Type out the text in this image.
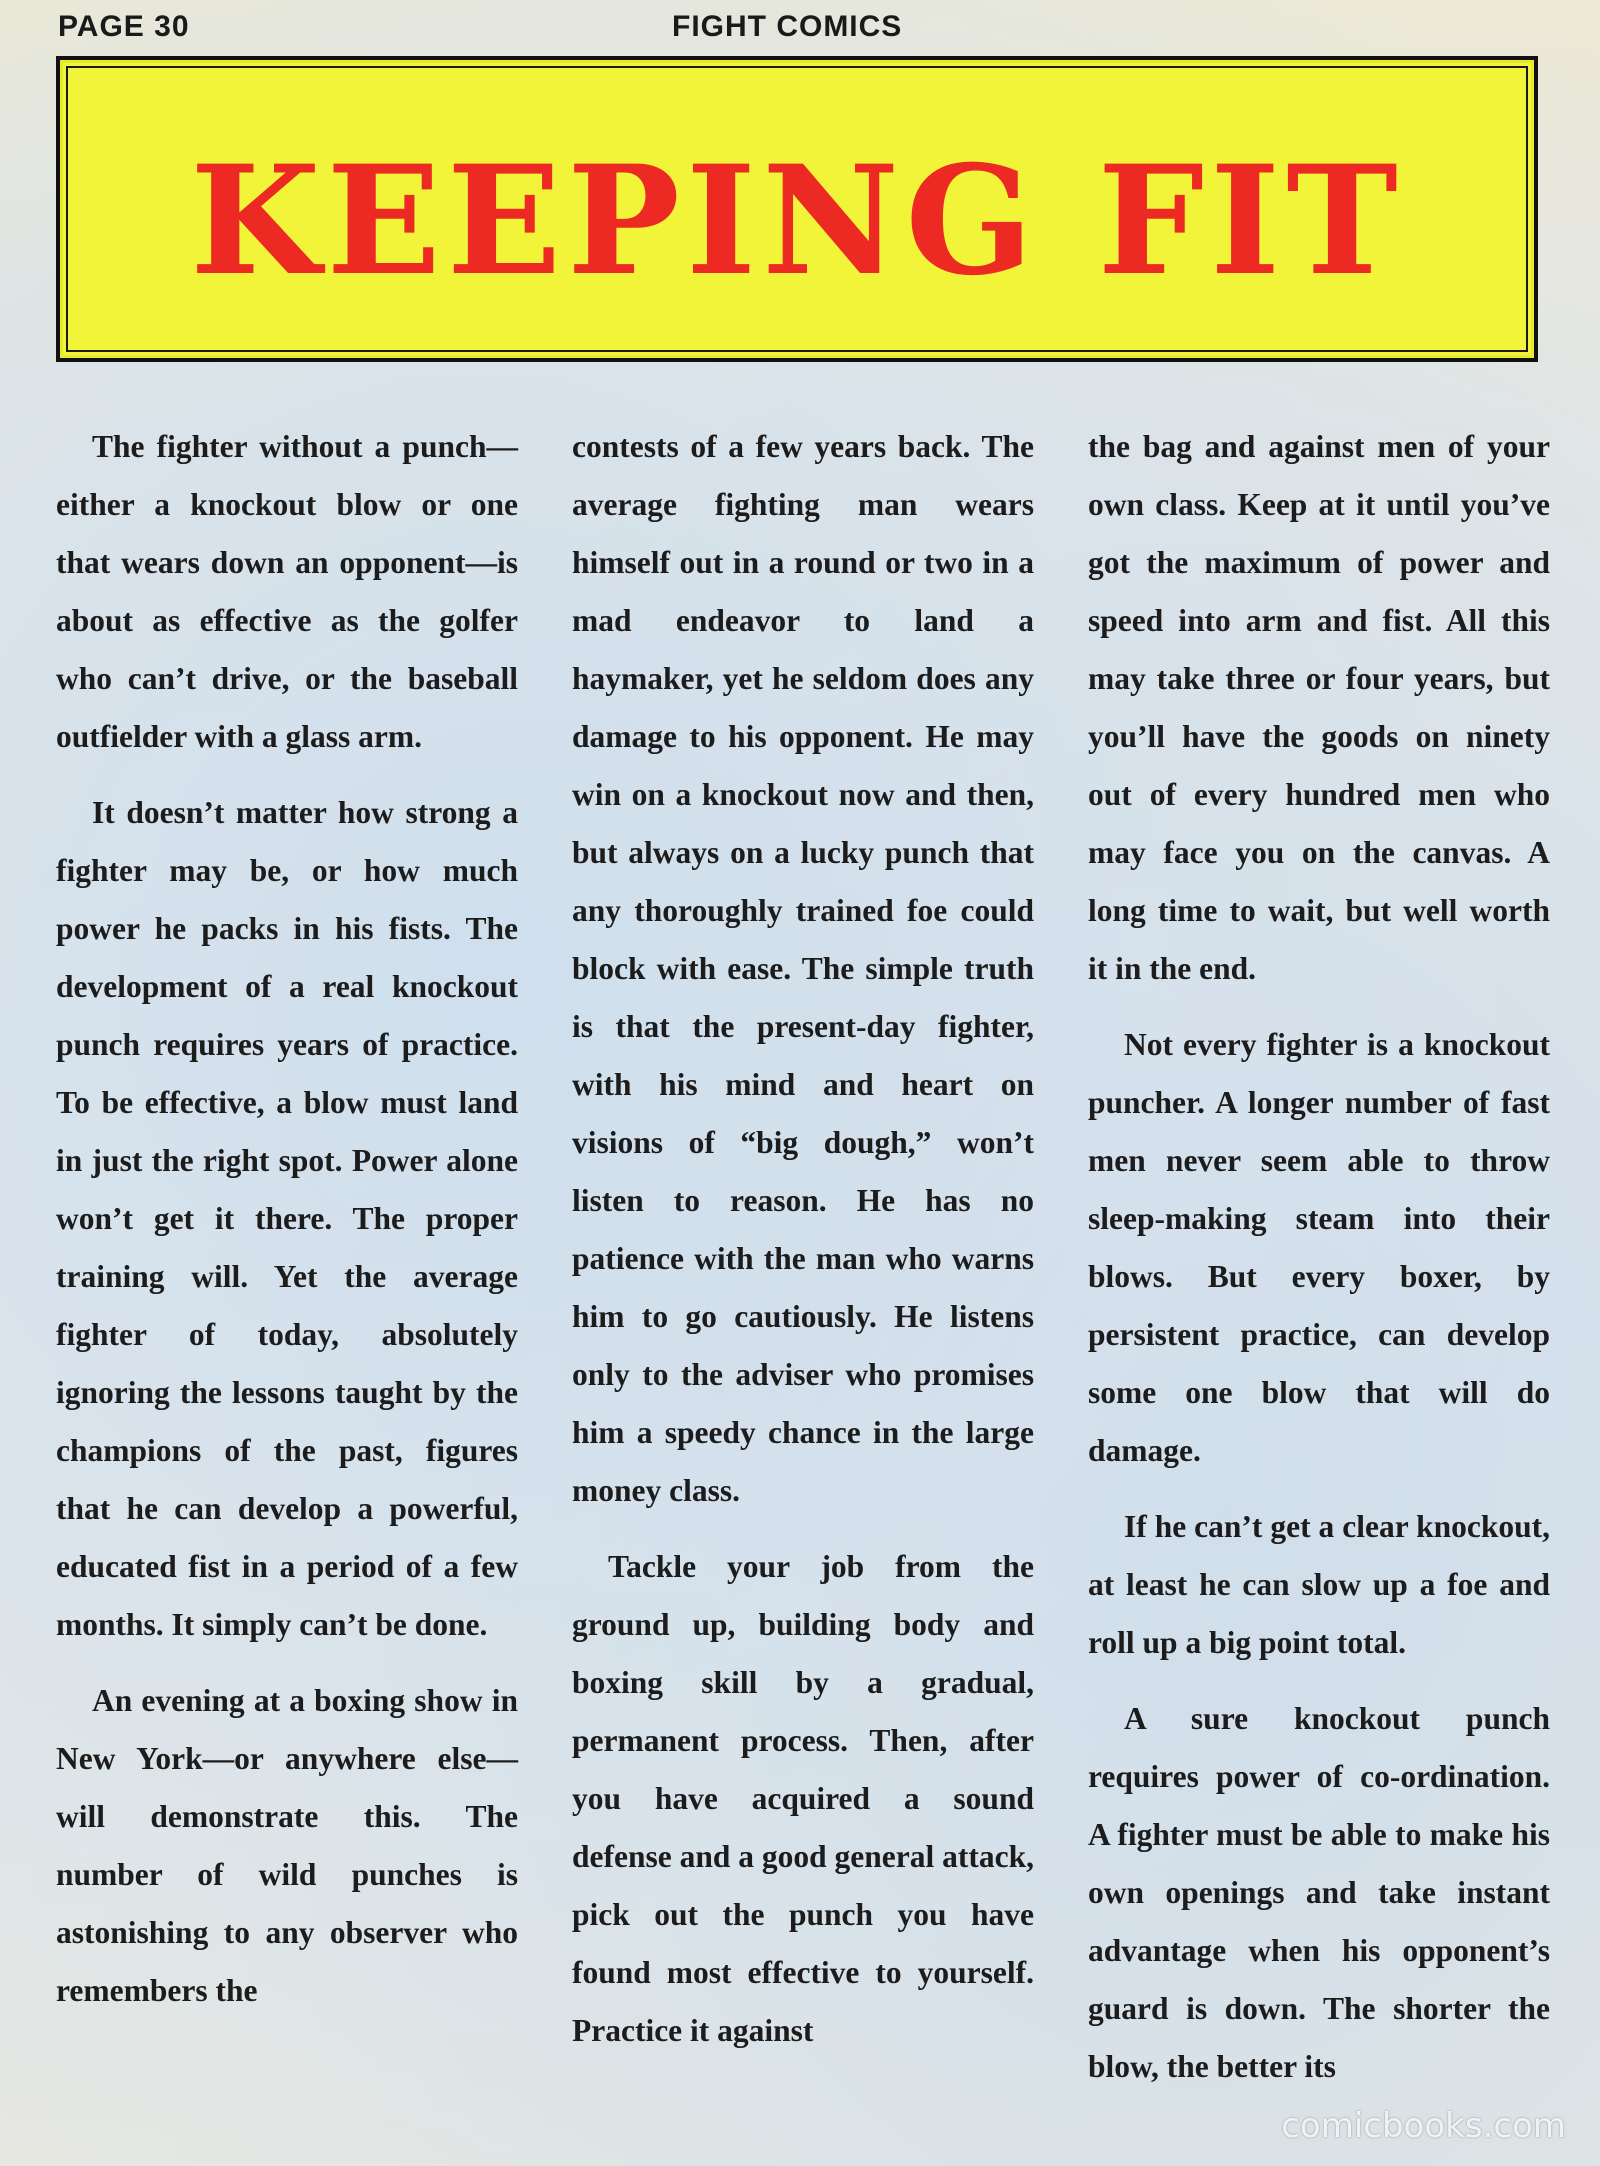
PAGE 30	FIGHT COMICS
KEEPING FIT

The fighter without a punch—either a knockout blow or one that wears down an opponent—is about as effective as the golfer who can’t drive, or the baseball outfielder with a glass arm.

It doesn’t matter how strong a fighter may be, or how much power he packs in his fists. The development of a real knockout punch requires years of practice. To be effective, a blow must land in just the right spot. Power alone won’t get it there. The proper training will. Yet the average fighter of today, absolutely ignoring the lessons taught by the champions of the past, figures that he can develop a powerful, educated fist in a period of a few months. It simply can’t be done.

An evening at a boxing show in New York—or anywhere else—will demonstrate this. The number of wild punches is astonishing to any observer who remembers the

contests of a few years back. The average fighting man wears himself out in a round or two in a mad endeavor to land a haymaker, yet he seldom does any damage to his opponent. He may win on a knockout now and then, but always on a lucky punch that any thoroughly trained foe could block with ease. The simple truth is that the present-day fighter, with his mind and heart on visions of “big dough,” won’t listen to reason. He has no patience with the man who warns him to go cautiously. He listens only to the adviser who promises him a speedy chance in the large money class.

Tackle your job from the ground up, building body and boxing skill by a gradual, permanent process. Then, after you have acquired a sound defense and a good general attack, pick out the punch you have found most effective to yourself. Practice it against

the bag and against men of your own class. Keep at it until you’ve got the maximum of power and speed into arm and fist. All this may take three or four years, but you’ll have the goods on ninety out of every hundred men who may face you on the canvas. A long time to wait, but well worth it in the end.

Not every fighter is a knockout puncher. A longer number of fast men never seem able to throw sleep-making steam into their blows. But every boxer, by persistent practice, can develop some one blow that will do damage.

If he can’t get a clear knockout, at least he can slow up a foe and roll up a big point total.

A sure knockout punch requires power of co-ordination. A fighter must be able to make his own openings and take instant advantage when his opponent’s guard is down. The shorter the blow, the better its

comicbooks.com
